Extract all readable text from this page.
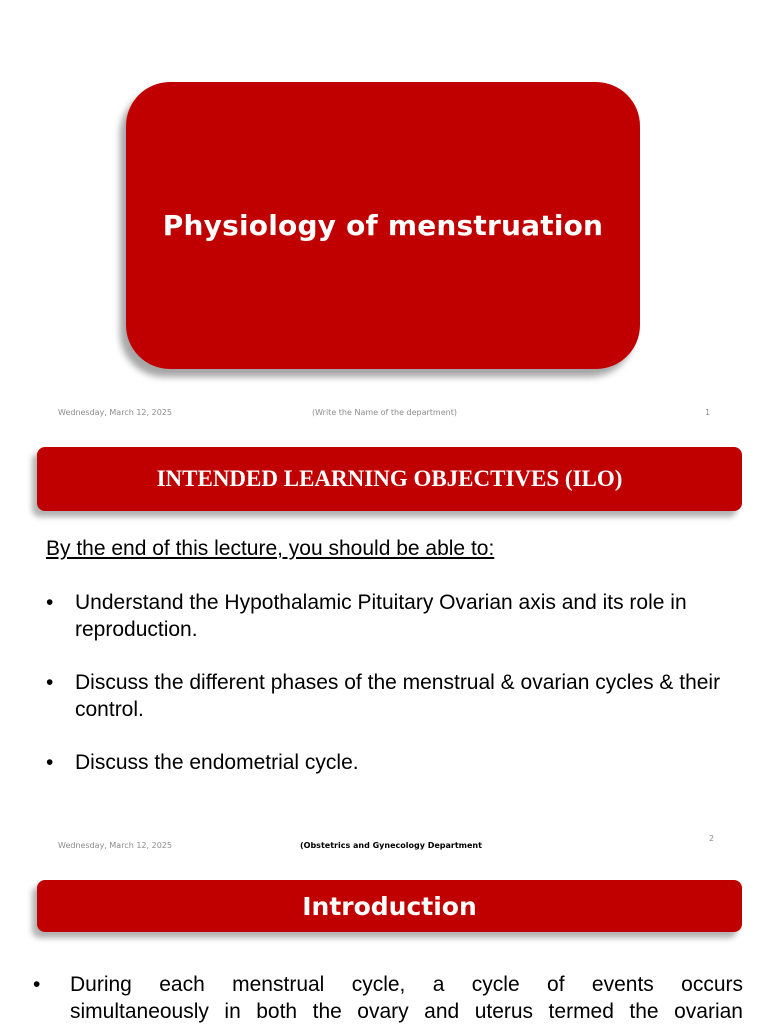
Physiology of menstruation
Wednesday, March 12, 2025	(Write the Name of the department)	1
INTENDED LEARNING OBJECTIVES (ILO)
By the end of this lecture, you should be able to:
• Understand the Hypothalamic Pituitary Ovarian axis and its role in reproduction.
• Discuss the different phases of the menstrual & ovarian cycles & their control.
• Discuss the endometrial cycle.
Wednesday, March 12, 2025	(Obstetrics and Gynecology Department
2
Introduction
• During each menstrual cycle, a cycle of events occurs
simultaneously in both the ovary and uterus termed the ovarian
